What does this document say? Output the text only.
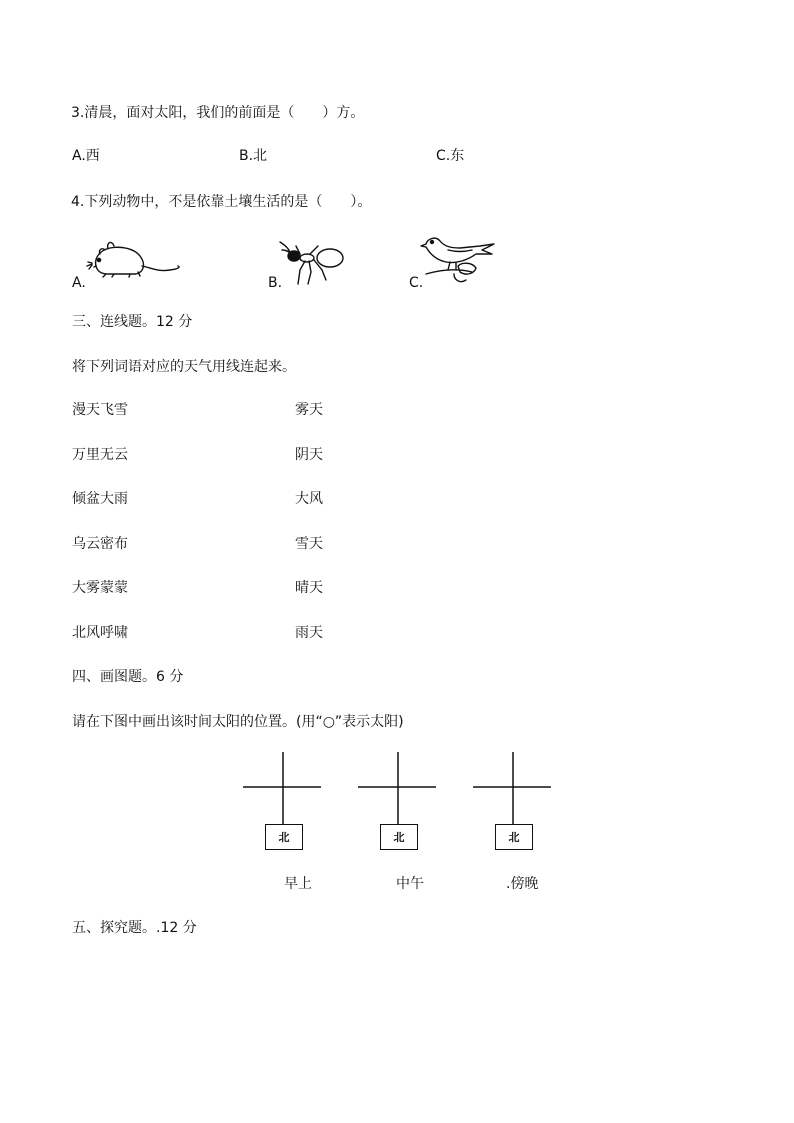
3.清晨，面对太阳，我们的前面是（　　）方。
A.西	B.北	C.东
4.下列动物中，不是依靠土壤生活的是（　　）。
A.	B.	C.
三、连线题。12 分
将下列词语对应的天气用线连起来。
漫天飞雪	雾天
万里无云	阴天
倾盆大雨	大风
乌云密布	雪天
大雾蒙蒙	晴天
北风呼啸	雨天
四、画图题。6 分
请在下图中画出该时间太阳的位置。(用“○”表示太阳)
北
早上
北
中午
北
.傍晚
五、探究题。.12 分
